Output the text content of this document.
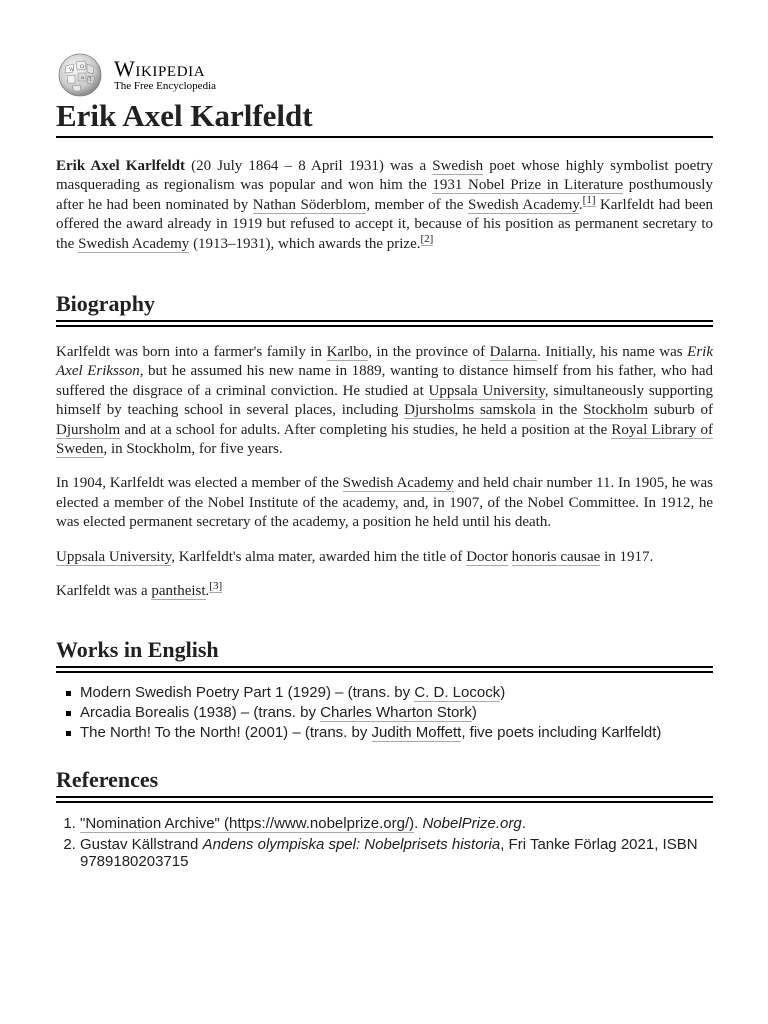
Ω
W
и ไ Wikipedia
The Free Encyclopedia
Erik Axel Karlfeldt

Erik Axel Karlfeldt (20 July 1864 – 8 April 1931) was a Swedish poet whose highly symbolist poetry masquerading as regionalism was popular and won him the 1931 Nobel Prize in Literature posthumously after he had been nominated by Nathan Söderblom, member of the Swedish Academy.[1] Karlfeldt had been offered the award already in 1919 but refused to accept it, because of his position as permanent secretary to the Swedish Academy (1913–1931), which awards the prize.[2]

Biography

Karlfeldt was born into a farmer's family in Karlbo, in the province of Dalarna. Initially, his name was Erik Axel Eriksson, but he assumed his new name in 1889, wanting to distance himself from his father, who had suffered the disgrace of a criminal conviction. He studied at Uppsala University, simultaneously supporting himself by teaching school in several places, including Djursholms samskola in the Stockholm suburb of Djursholm and at a school for adults. After completing his studies, he held a position at the Royal Library of Sweden, in Stockholm, for five years.

In 1904, Karlfeldt was elected a member of the Swedish Academy and held chair number 11. In 1905, he was elected a member of the Nobel Institute of the academy, and, in 1907, of the Nobel Committee. In 1912, he was elected permanent secretary of the academy, a position he held until his death.

Uppsala University, Karlfeldt's alma mater, awarded him the title of Doctor honoris causae in 1917.

Karlfeldt was a pantheist.[3]

Works in English
Modern Swedish Poetry Part 1 (1929) – (trans. by C. D. Locock)
Arcadia Borealis (1938) – (trans. by Charles Wharton Stork)
The North! To the North! (2001) – (trans. by Judith Moffett, five poets including Karlfeldt)
References
1. "Nomination Archive" (https://www.nobelprize.org/). NobelPrize.org.
2. Gustav Källstrand Andens olympiska spel: Nobelprisets historia, Fri Tanke Förlag 2021, ISBN 9789180203715
